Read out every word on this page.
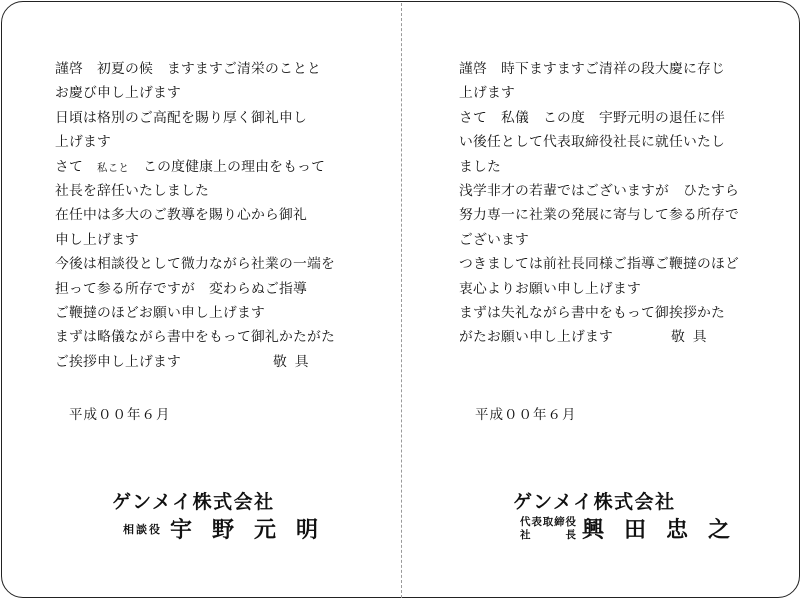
謹啓　初夏の候　ますますご清栄のことと
お慶び申し上げます
日頃は格別のご高配を賜り厚く御礼申し
上げます
さて　私こと　この度健康上の理由をもって
社長を辞任いたしました
在任中は多大のご教導を賜り心から御礼
申し上げます
今後は相談役として微力ながら社業の一端を
担って参る所存ですが　変わらぬご指導
ご鞭撻のほどお願い申し上げます
まずは略儀ながら書中をもって御礼かたがた
ご挨拶申し上げます	敬具
平成００年６月
ゲンメイ株式会社
相談役 宇野元明
謹啓　時下ますますご清祥の段大慶に存じ
上げます
さて　私儀　この度　宇野元明の退任に伴
い後任として代表取締役社長に就任いたし
ました
浅学非才の若輩ではございますが　ひたすら
努力専一に社業の発展に寄与して参る所存で
ございます
つきましては前社長同様ご指導ご鞭撻のほど
衷心よりお願い申し上げます
まずは失礼ながら書中をもって御挨拶かた
がたお願い申し上げます	敬具
平成００年６月
ゲンメイ株式会社
代 表 取 締 役
社	長 興田忠之
